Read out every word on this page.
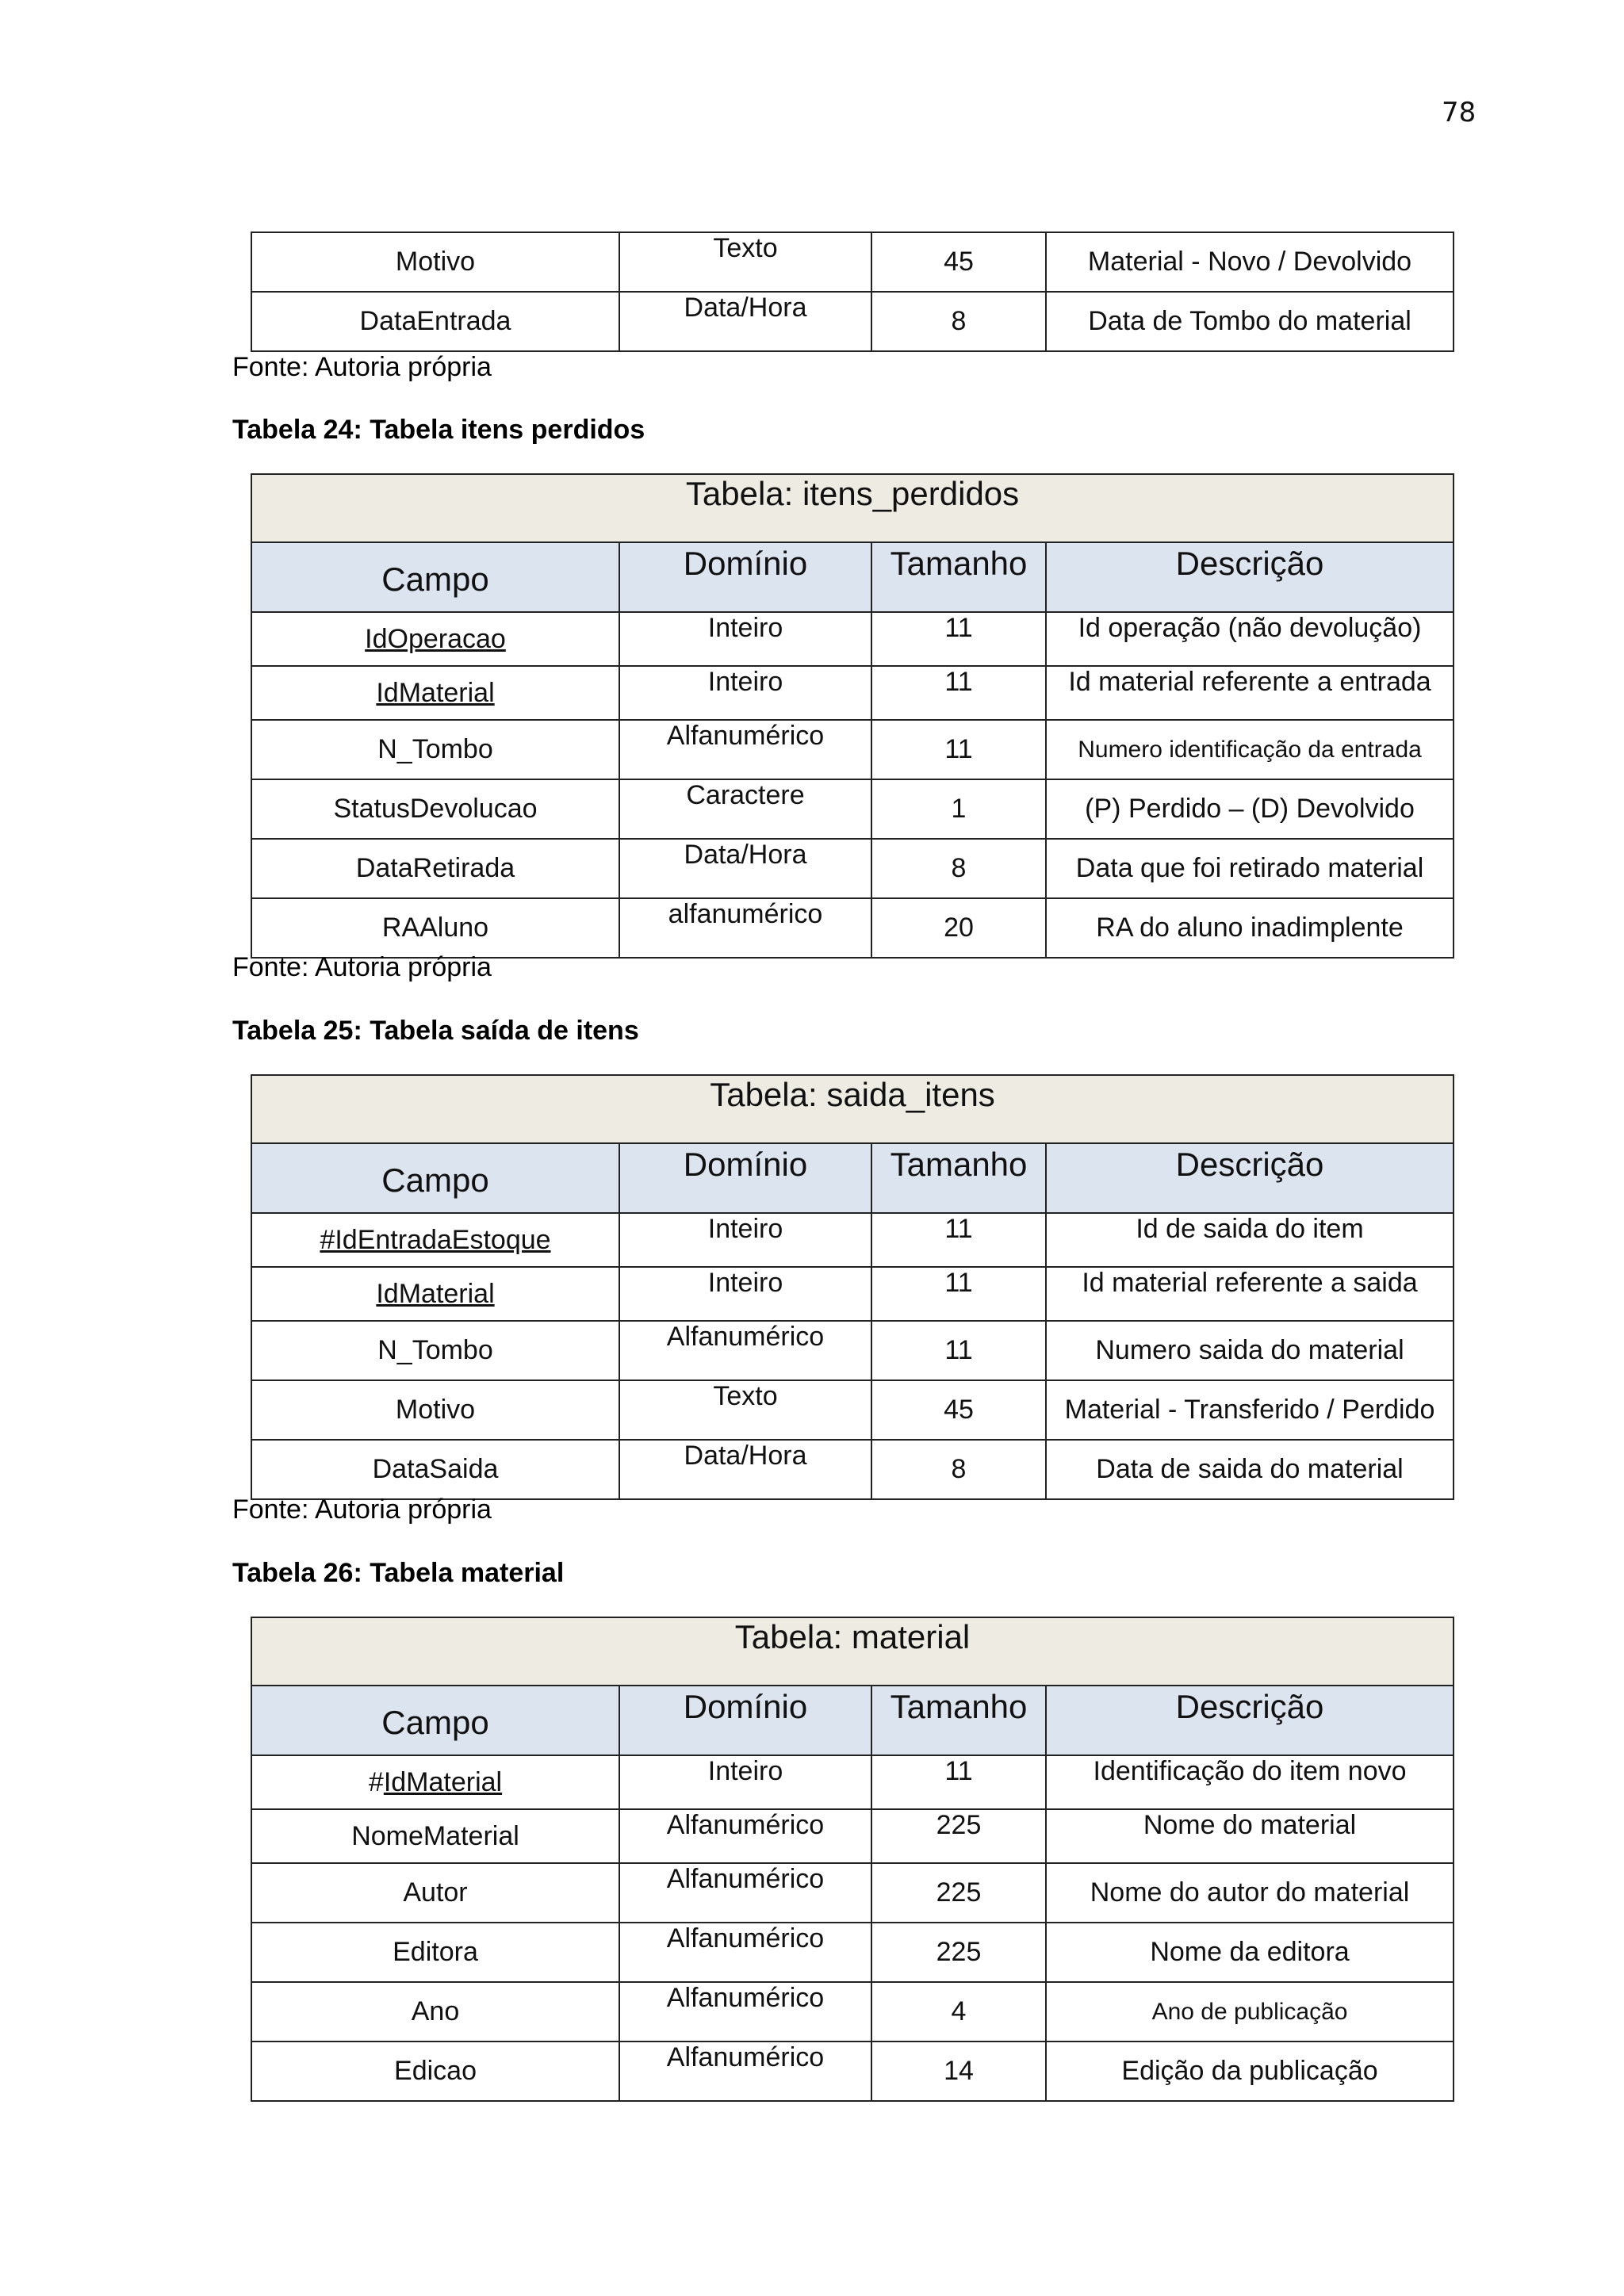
78
Motivo	Texto	45	Material - Novo / Devolvido
DataEntrada	Data/Hora	8	Data de Tombo do material
Fonte: Autoria própria
Tabela 24: Tabela itens perdidos
Tabela: itens_perdidos			
Campo	Domínio	Tamanho	Descrição
IdOperacao	Inteiro	11	Id operação (não devolução)
IdMaterial	Inteiro	11	Id material referente a entrada
N_Tombo	Alfanumérico	11	Numero identificação da entrada
StatusDevolucao	Caractere	1	(P) Perdido – (D) Devolvido
DataRetirada	Data/Hora	8	Data que foi retirado material
RAAluno	alfanumérico	20	RA do aluno inadimplente
Fonte: Autoria própria
Tabela 25: Tabela saída de itens
Tabela: saida_itens			
Campo	Domínio	Tamanho	Descrição
#IdEntradaEstoque	Inteiro	11	Id de saida do item
IdMaterial	Inteiro	11	Id material referente a saida
N_Tombo	Alfanumérico	11	Numero saida do material
Motivo	Texto	45	Material - Transferido / Perdido
DataSaida	Data/Hora	8	Data de saida do material
Fonte: Autoria própria
Tabela 26: Tabela material
Tabela: material			
Campo	Domínio	Tamanho	Descrição
#IdMaterial	Inteiro	11	Identificação do item novo
NomeMaterial	Alfanumérico	225	Nome do material
Autor	Alfanumérico	225	Nome do autor do material
Editora	Alfanumérico	225	Nome da editora
Ano	Alfanumérico	4	Ano de publicação
Edicao	Alfanumérico	14	Edição da publicação
